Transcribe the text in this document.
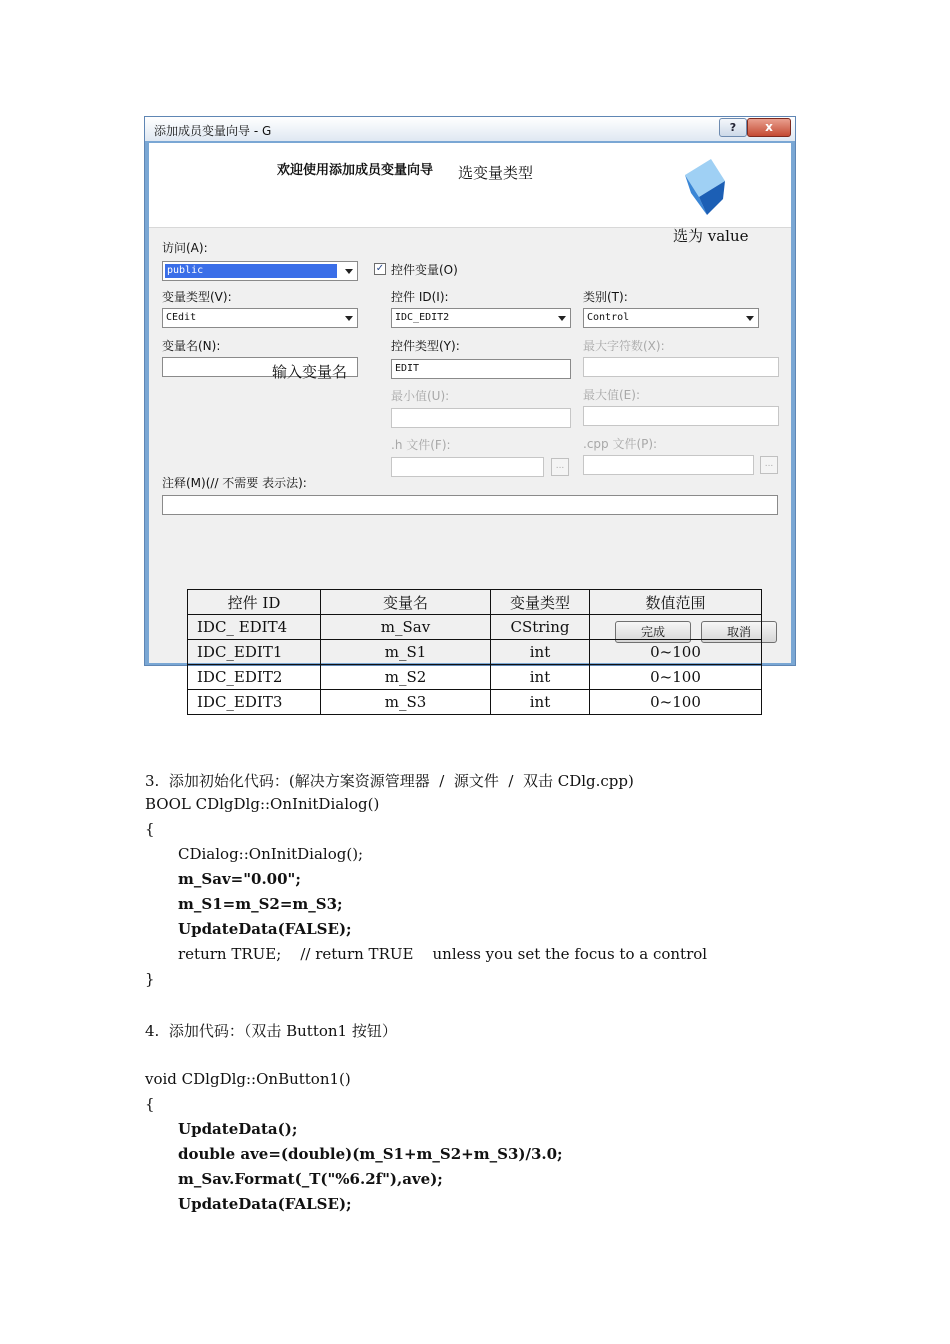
添加成员变量向导 - G	?	x
欢迎使用添加成员变量向导
访问(A):
public	✓ 控件变量(O)
变量类型(V):
CEdit
控件 ID(I):
IDC_EDIT2
类别(T):
Control
变量名(N):	控件类型(Y):
EDIT
最大字符数(X):
最小值(U):	最大值(E):
.h 文件(F):
...
.cpp 文件(P):
...
注释(M)(// 不需要 表示法):
完成	取消
选变量类型
选为 value
输入变量名
控件 ID	变量名	变量类型	数值范围
IDC_ EDIT4	m_Sav	CString	
IDC_EDIT1	m_S1	int	0~100
IDC_EDIT2	m_S2	int	0~100
IDC_EDIT3	m_S3	int	0~100
3.  添加初始化代码：(解决方案资源管理器  /  源文件  /  双击 CDlg.cpp)
BOOL CDlgDlg::OnInitDialog()
{
CDialog::OnInitDialog();
m_Sav="0.00";
m_S1=m_S2=m_S3;
UpdateData(FALSE);
return TRUE;    // return TRUE    unless you set the focus to a control
}
4.  添加代码：（双击 Button1 按钮）
void CDlgDlg::OnButton1()
{
UpdateData();
double ave=(double)(m_S1+m_S2+m_S3)/3.0;
m_Sav.Format(_T("%6.2f"),ave);
UpdateData(FALSE);
